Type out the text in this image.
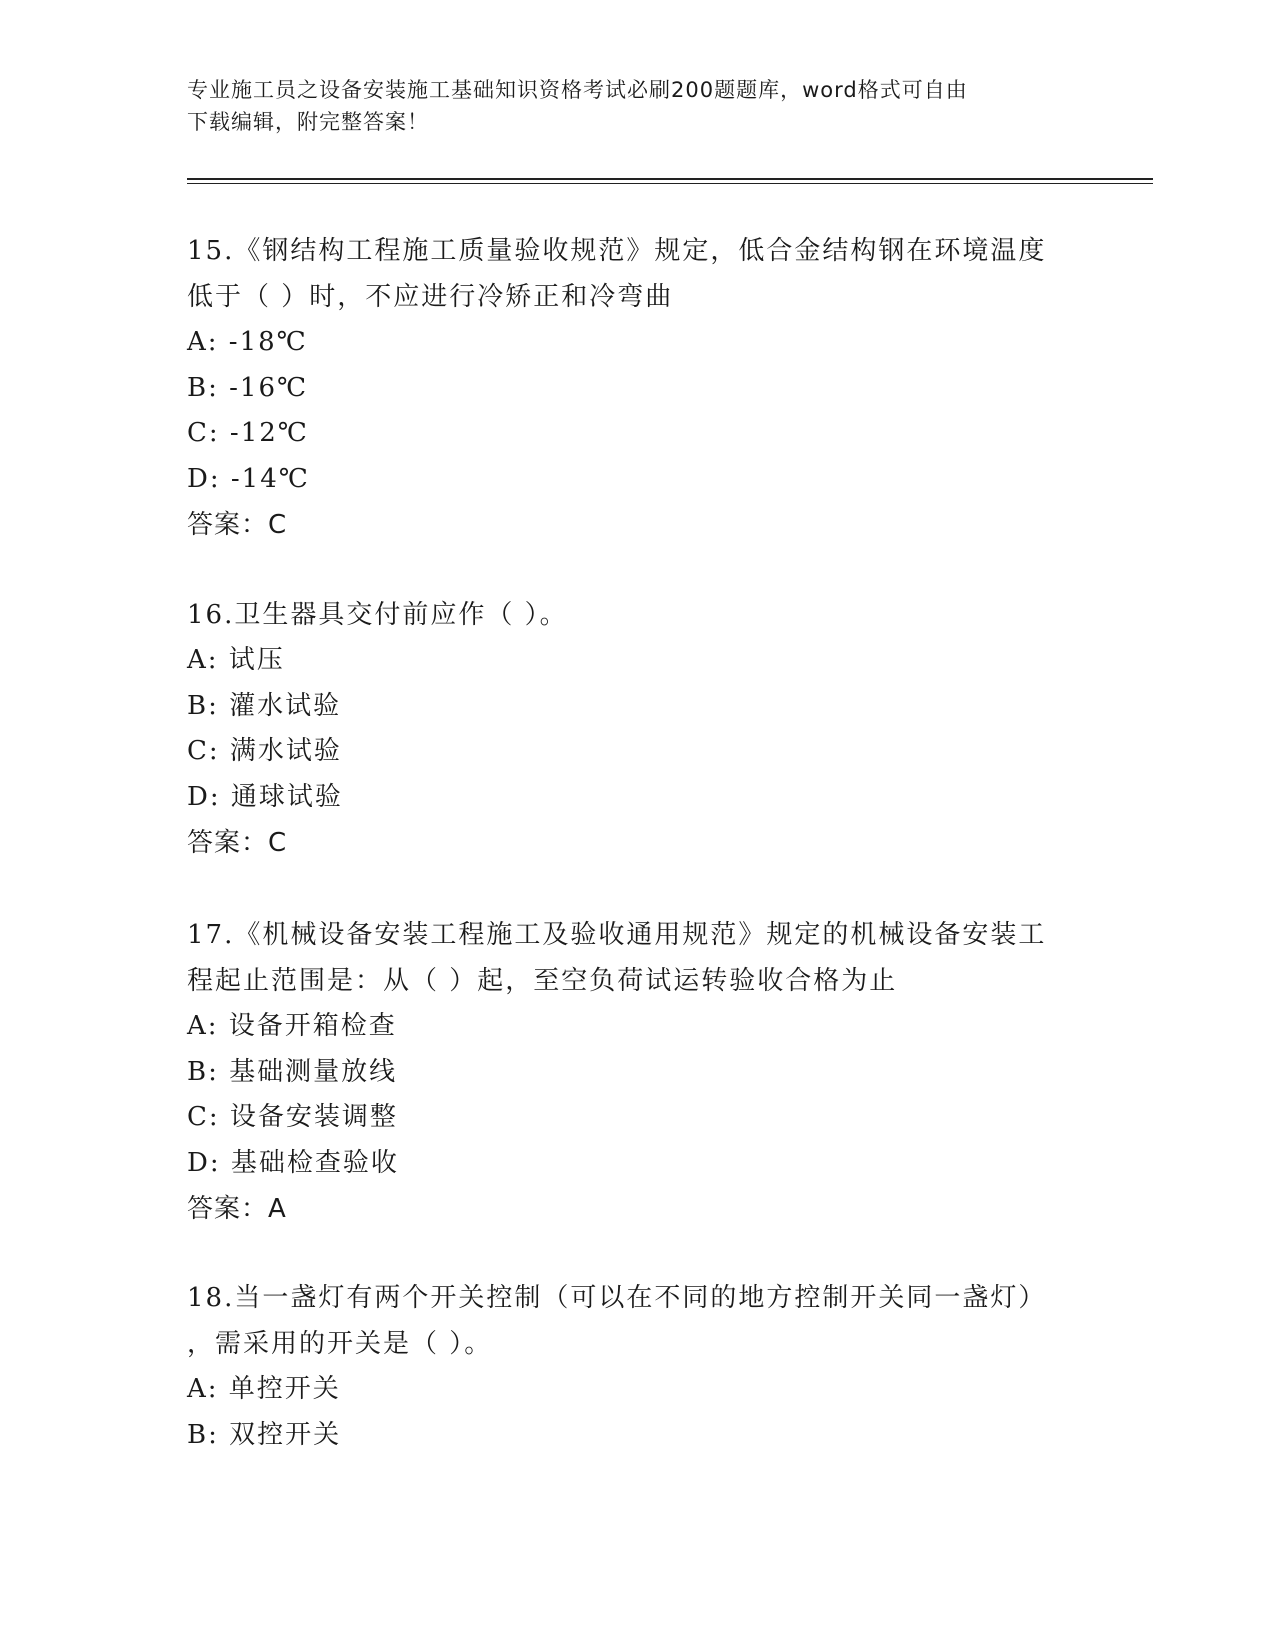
专业施工员之设备安装施工基础知识资格考试必刷200题题库，word格式可自由
下载编辑，附完整答案！

15.《钢结构工程施工质量验收规范》规定，低合金结构钢在环境温度

低于（ ）时，不应进行冷矫正和冷弯曲

A: -18℃
B: -16℃
C: -12℃
D: -14℃

答案：C

16.卫生器具交付前应作（ ）。

A: 试压
B: 灌水试验
C: 满水试验
D: 通球试验

答案：C

17.《机械设备安装工程施工及验收通用规范》规定的机械设备安装工

程起止范围是：从（ ）起，至空负荷试运转验收合格为止

A: 设备开箱检查
B: 基础测量放线
C: 设备安装调整
D: 基础检查验收

答案：A

18.当一盏灯有两个开关控制（可以在不同的地方控制开关同一盏灯）

，需采用的开关是（ ）。

A: 单控开关
B: 双控开关
